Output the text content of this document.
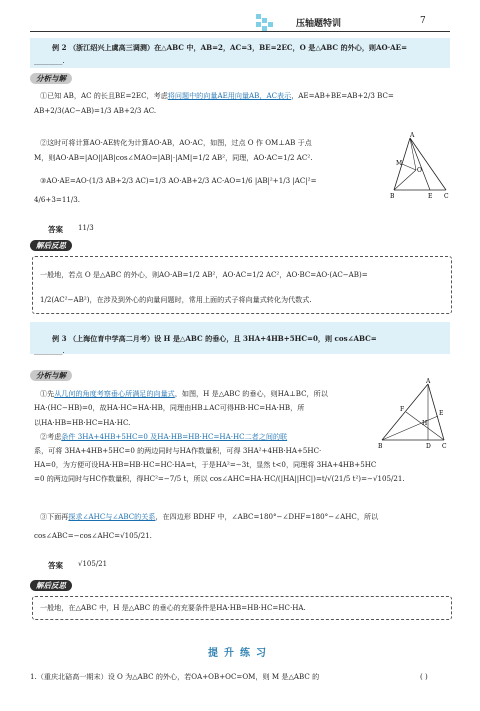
压轴题特训	7
例 2 （浙江绍兴上虞高三调测）在△ABC 中，AB=2，AC=3，BE=2EC，O 是△ABC 的外心，则AO·AE=
________.
分析与解
①已知 AB，AC 的长且BE=2EC，考虑将问题中的向量AE用向量AB，AC表示，AE=AB+BE=AB+2/3 BC=
AB+2/3(AC−AB)=1/3 AB+2/3 AC.
②这时可将计算AO·AE转化为计算AO·AB，AO·AC，如图，过点 O 作 OM⊥AB 于点
M，则AO·AB=|AO||AB|cos∠MAO=|AB|·|AM|=1/2 AB²，同理，AO·AC=1/2 AC².
③AO·AE=AO·(1/3 AB+2/3 AC)=1/3 AO·AB+2/3 AC·AO=1/6 |AB|²+1/3 |AC|²=
4/6+3=11/3.
答案 11/3
A
B	E C
M
O
解后反思
一般地，若点 O 是△ABC 的外心，则AO·AB=1/2 AB²，AO·AC=1/2 AC²，AO·BC=AO·(AC−AB)=
1/2(AC²−AB²)，在涉及到外心的向量问题时，常用上面的式子将向量式转化为代数式.
例 3 （上海位育中学高二月考）设 H 是△ABC 的垂心，且 3HA+4HB+5HC=0，则 cos∠ABC=
________.
分析与解
①先从几何的角度考察垂心所满足的向量式，如图，H 是△ABC 的垂心，则HA⊥BC，所以
HA·(HC−HB)=0，故HA·HC=HA·HB，同理由HB⊥AC可得HB·HC=HA·HB，所
以HA·HB=HB·HC=HA·HC.
②考虑条件 3HA+4HB+5HC=0 及HA·HB=HB·HC=HA·HC二者之间的联
系，可将 3HA+4HB+5HC=0 的两边同时与HA作数量积，可得 3HA²+4HB·HA+5HC·
HA=0，为方便可设HA·HB=HB·HC=HC·HA=t，于是HA²=−3t，显然 t<0，同理将 3HA+4HB+5HC
=0 的两边同时与HC作数量积，得HC²=−7/5 t，所以 cos∠AHC=HA·HC/(|HA||HC|)=t/√(21/5 t²)=−√105/21.
③下面再探求∠AHC与∠ABC的关系，在四边形 BDHF 中，∠ABC=180°−∠DHF=180°−∠AHC，所以
cos∠ABC=−cos∠AHC=√105/21.
答案 √105/21
A
B	D C
E
F
H
解后反思
一般地，在△ABC 中，H 是△ABC 的垂心的充要条件是HA·HB=HB·HC=HC·HA.
提升练习
1.（重庆北碚高一期末）设 O 为△ABC 的外心，若OA+OB+OC=OM，则 M 是△ABC 的	( )
